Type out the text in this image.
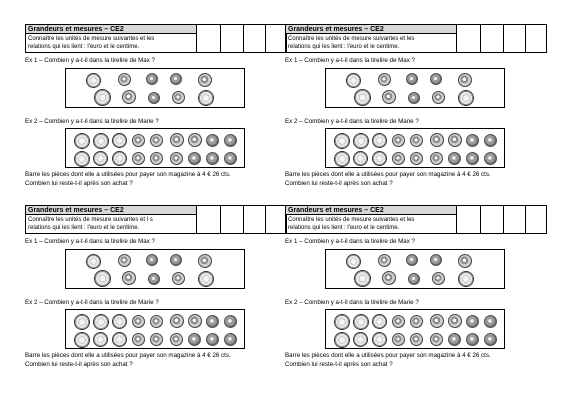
Grandeurs et mesures – CE2
Connaître les unités de mesure suivantes et les
relations qui les lient : l'euro et le centime.
Ex 1 – Combien y a-t-il dans la tirelire de Max ?
Ex 2 – Combien y a-t-il dans la tirelire de Marie ?
Barre les pièces dont elle a utilisées pour payer son magazine à 4 € 26 cts.
Combien lui reste-t-il après son achat ?
Grandeurs et mesures – CE2
Connaître les unités de mesure suivantes et les
relations qui les lient : l'euro et le centime.
Ex 1 – Combien y a-t-il dans la tirelire de Max ?
Ex 2 – Combien y a-t-il dans la tirelire de Marie ?
Barre les pièces dont elle a utilisées pour payer son magazine à 4 € 26 cts.
Combien lui reste-t-il après son achat ?
Grandeurs et mesures – CE2
Connaître les unités de mesure suivantes et l s
relations qui les lient : l'euro et le centime.
Ex 1 – Combien y a-t-il dans la tirelire de Max ?
Ex 2 – Combien y a-t-il dans la tirelire de Marie ?
Barre les pièces dont elle a utilisées pour payer son magazine à 4 € 26 cts.
Combien lui reste-t-il après son achat ?
Grandeurs et mesures – CE2
Connaître les unités de mesure suivantes et les
relations qui les lient : l'euro et le centime.
Ex 1 – Combien y a-t-il dans la tirelire de Max ?
Ex 2 – Combien y a-t-il dans la tirelire de Marie ?
Barre les pièces dont elle a utilisées pour payer son magazine à 4 € 26 cts.
Combien lui reste-t-il après son achat ?
